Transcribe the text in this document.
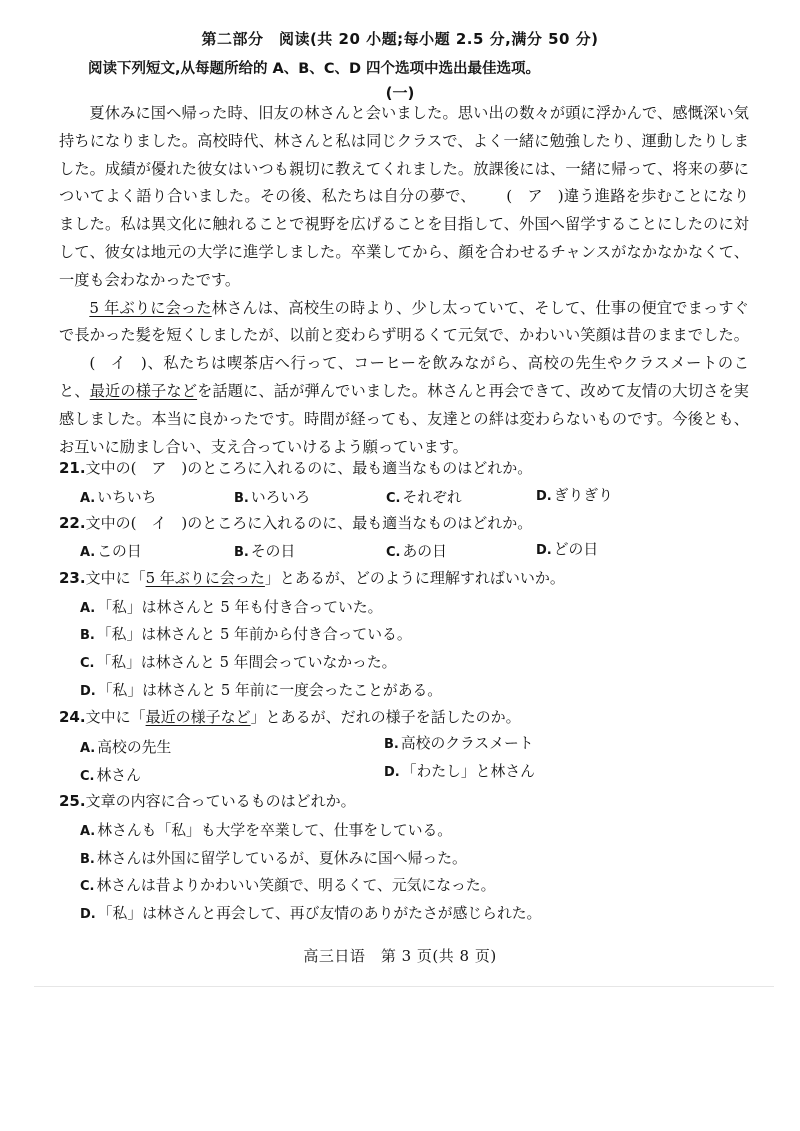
第二部分　阅读(共 20 小题;每小题 2.5 分,满分 50 分)
阅读下列短文,从每题所给的 A、B、C、D 四个选项中选出最佳选项。
(一)

夏休みに国へ帰った時、旧友の林さんと会いました。思い出の数々が頭に浮かんで、感慨深い気持ちになりました。高校時代、林さんと私は同じクラスで、よく一緒に勉強したり、運動したりしました。成績が優れた彼女はいつも親切に教えてくれました。放課後には、一緒に帰って、将来の夢についてよく語り合いました。その後、私たちは自分の夢で、 (　ア　)違う進路を歩むことになりました。私は異文化に触れることで視野を広げることを目指して、外国へ留学することにしたのに対して、彼女は地元の大学に進学しました。卒業してから、顔を合わせるチャンスがなかなかなくて、一度も会わなかったです。

5 年ぶりに会った林さんは、高校生の時より、少し太っていて、そして、仕事の便宜でまっすぐで長かった髪を短くしましたが、以前と変わらず明るくて元気で、かわいい笑顔は昔のままでした。(　イ　)、私たちは喫茶店へ行って、コーヒーを飲みながら、高校の先生やクラスメートのこと、最近の様子などを話題に、話が弾んでいました。林さんと再会できて、改めて友情の大切さを実感しました。本当に良かったです。時間が経っても、友達との絆は変わらないものです。今後とも、お互いに励まし合い、支え合っていけるよう願っています。

21.文中の(　ア　)のところに入れるのに、最も適当なものはどれか。
A. いちいち	B. いろいろ	C. それぞれ	D. ぎりぎり
22.文中の(　イ　)のところに入れるのに、最も適当なものはどれか。
A. この日	B. その日	C. あの日	D. どの日
23.文中に「5 年ぶりに会った」とあるが、どのように理解すればいいか。
A. 「私」は林さんと 5 年も付き合っていた。
B. 「私」は林さんと 5 年前から付き合っている。
C. 「私」は林さんと 5 年間会っていなかった。
D. 「私」は林さんと 5 年前に一度会ったことがある。
24.文中に「最近の様子など」とあるが、だれの様子を話したのか。
A. 高校の先生	B. 高校のクラスメート
C. 林さん	D. 「わたし」と林さん
25.文章の内容に合っているものはどれか。
A. 林さんも「私」も大学を卒業して、仕事をしている。
B. 林さんは外国に留学しているが、夏休みに国へ帰った。
C. 林さんは昔よりかわいい笑顔で、明るくて、元気になった。
D. 「私」は林さんと再会して、再び友情のありがたさが感じられた。
高三日语　第 3 页(共 8 页)
